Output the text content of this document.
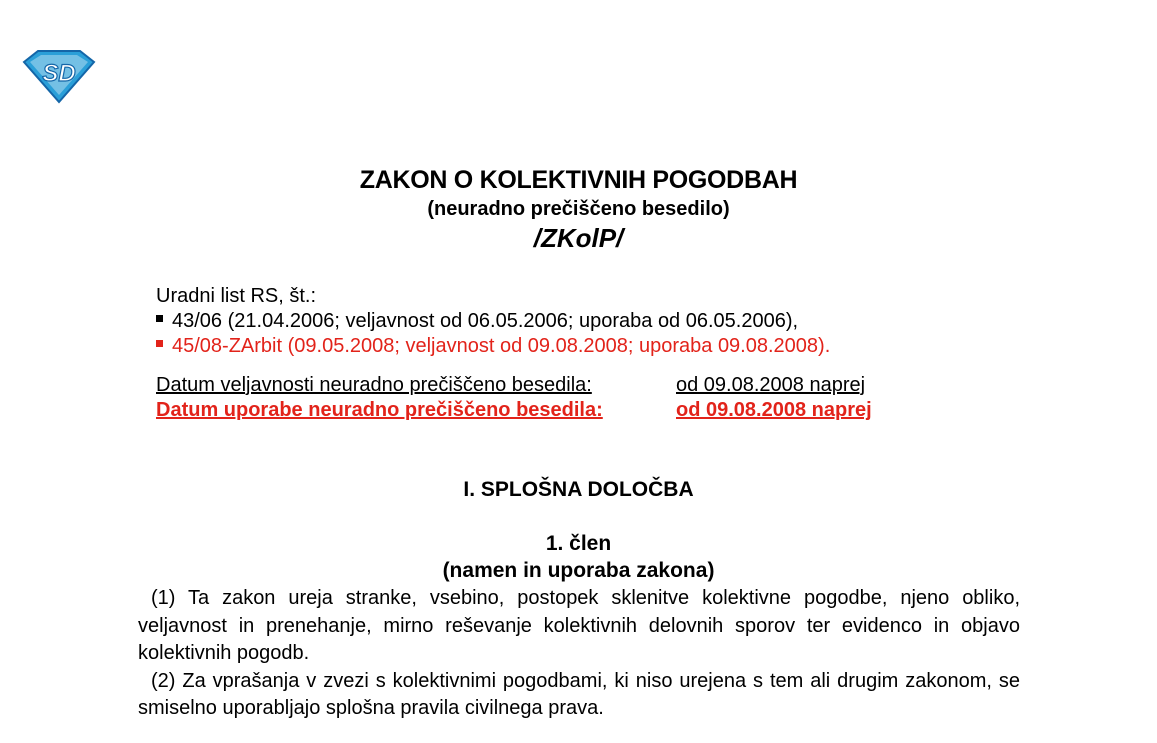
SD
ZAKON O KOLEKTIVNIH POGODBAH
(neuradno prečiščeno besedilo)
/ZKolP/
Uradni list RS, št.:
43/06 (21.04.2006; veljavnost od 06.05.2006; uporaba od 06.05.2006),
45/08-ZArbit (09.05.2008; veljavnost od 09.08.2008; uporaba 09.08.2008).
Datum veljavnosti neuradno prečiščeno besedila:	od 09.08.2008 naprej
Datum uporabe neuradno prečiščeno besedila:	od 09.08.2008 naprej
I. SPLOŠNA DOLOČBA
1. člen
(namen in uporaba zakona)

(1) Ta zakon ureja stranke, vsebino, postopek sklenitve kolektivne pogodbe, njeno obliko, veljavnost in prenehanje, mirno reševanje kolektivnih delovnih sporov ter evidenco in objavo kolektivnih pogodb.

(2) Za vprašanja v zvezi s kolektivnimi pogodbami, ki niso urejena s tem ali drugim zakonom, se smiselno uporabljajo splošna pravila civilnega prava.
